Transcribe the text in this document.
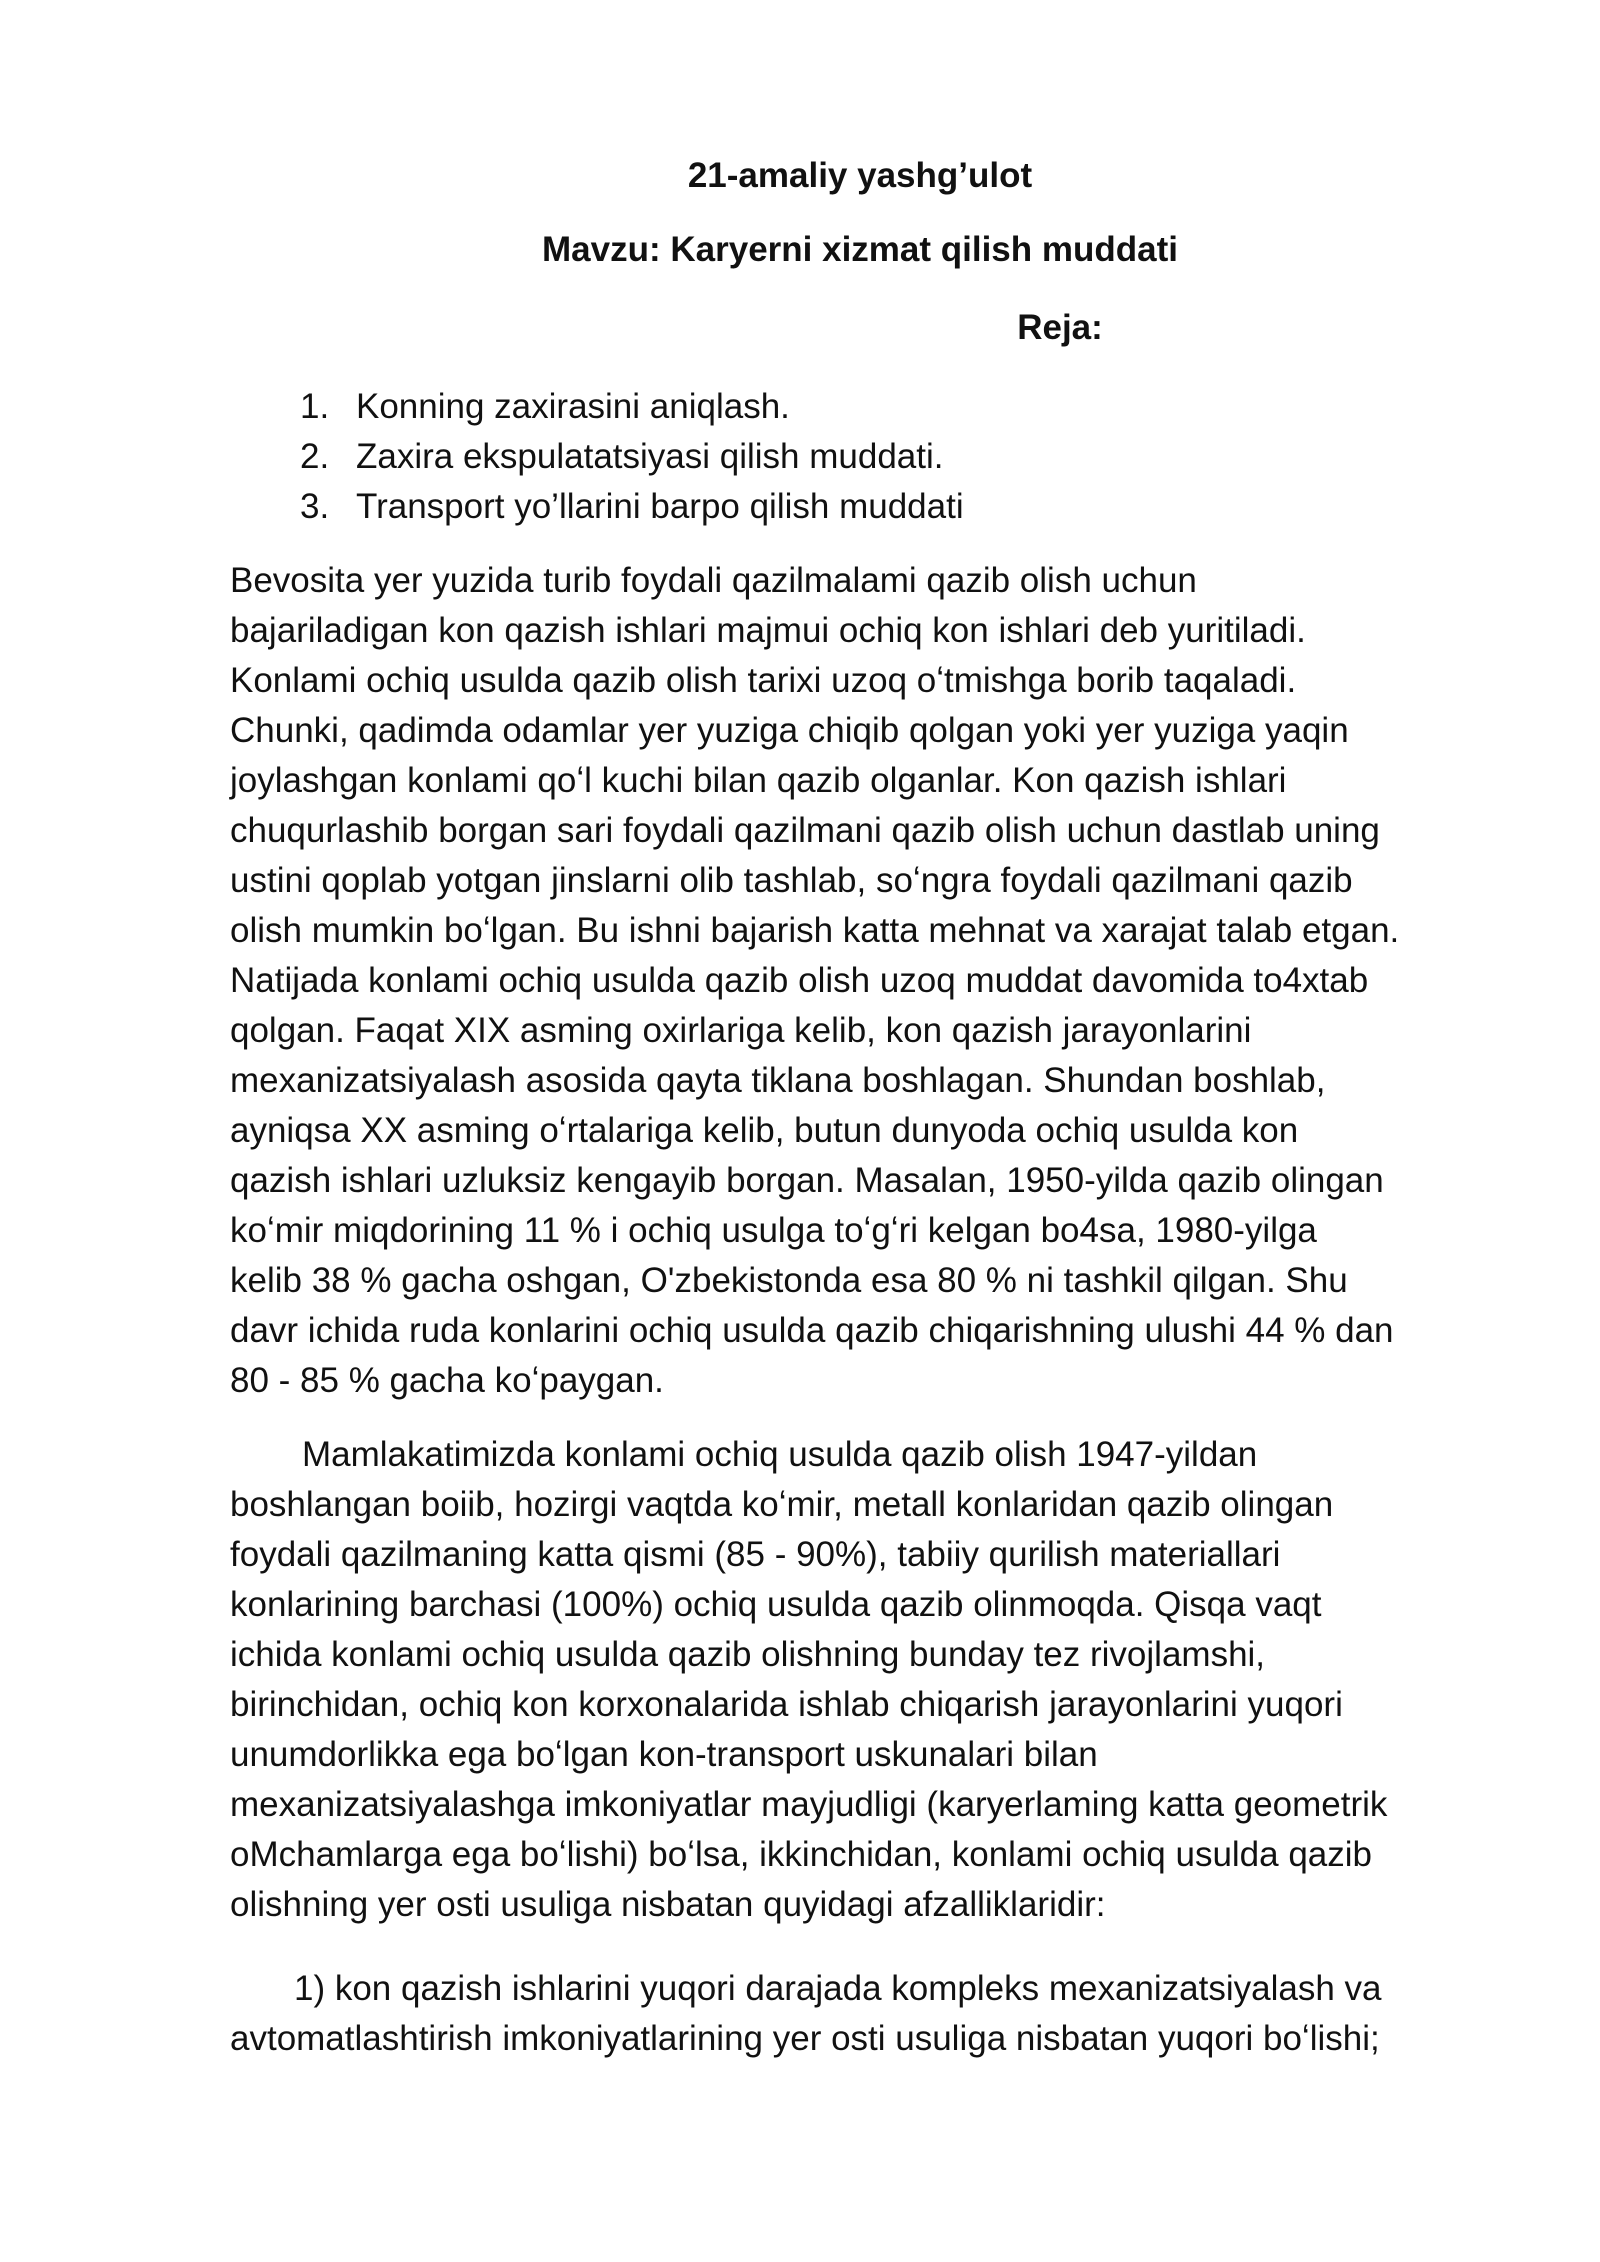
21-amaliy yashg’ulot
Mavzu: Karyerni xizmat qilish muddati
Reja:
1. Konning zaxirasini aniqlash.
2. Zaxira ekspulatatsiyasi qilish muddati.
3. Transport yo’llarini barpo qilish muddati
Bevosita yer yuzida turib foydali qazilmalami qazib olish uchun
bajariladigan kon qazish ishlari majmui ochiq kon ishlari deb yuritiladi.
Konlami ochiq usulda qazib olish tarixi uzoq oʻtmishga borib taqaladi.
Chunki, qadimda odamlar yer yuziga chiqib qolgan yoki yer yuziga yaqin
joylashgan konlami qoʻl kuchi bilan qazib olganlar. Kon qazish ishlari
chuqurlashib borgan sari foydali qazilmani qazib olish uchun dastlab uning
ustini qoplab yotgan jinslarni olib tashlab, soʻngra foydali qazilmani qazib
olish mumkin boʻlgan. Bu ishni bajarish katta mehnat va xarajat talab etgan.
Natijada konlami ochiq usulda qazib olish uzoq muddat davomida to4xtab
qolgan. Faqat XIX asming oxirlariga kelib, kon qazish jarayonlarini
mexanizatsiyalash asosida qayta tiklana boshlagan. Shundan boshlab,
ayniqsa XX asming oʻrtalariga kelib, butun dunyoda ochiq usulda kon
qazish ishlari uzluksiz kengayib borgan. Masalan, 1950-yilda qazib olingan
koʻmir miqdorining 11 % i ochiq usulga toʻgʻri kelgan bo4sa, 1980-yilga
kelib 38 % gacha oshgan, O'zbekistonda esa 80 % ni tashkil qilgan. Shu
davr ichida ruda konlarini ochiq usulda qazib chiqarishning ulushi 44 % dan
80 - 85 % gacha koʻpaygan.
Mamlakatimizda konlami ochiq usulda qazib olish 1947-yildan
boshlangan boiib, hozirgi vaqtda koʻmir, metall konlaridan qazib olingan
foydali qazilmaning katta qismi (85 - 90%), tabiiy qurilish materiallari
konlarining barchasi (100%) ochiq usulda qazib olinmoqda. Qisqa vaqt
ichida konlami ochiq usulda qazib olishning bunday tez rivojlamshi,
birinchidan, ochiq kon korxonalarida ishlab chiqarish jarayonlarini yuqori
unumdorlikka ega boʻlgan kon-transport uskunalari bilan
mexanizatsiyalashga imkoniyatlar mayjudligi (karyerlaming katta geometrik
oMchamlarga ega boʻlishi) boʻlsa, ikkinchidan, konlami ochiq usulda qazib
olishning yer osti usuliga nisbatan quyidagi afzalliklaridir:
1) kon qazish ishlarini yuqori darajada kompleks mexanizatsiyalash va
avtomatlashtirish imkoniyatlarining yer osti usuliga nisbatan yuqori boʻlishi;
